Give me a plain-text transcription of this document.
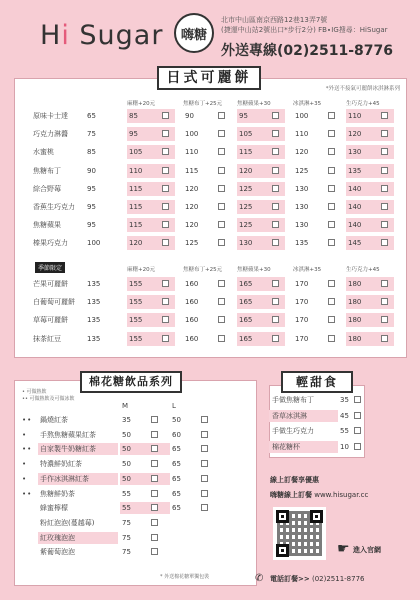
Hi Sugar	嗨糖
北市中山區南京西路12巷13弄7號
(捷運中山站2號出口*步行2分) FB∙IG搜尋：HiSugar
外送專線(02)2511-8776
*外送不接氣可麗餅冰淇淋系列
麻糬+20元	焦糖布丁+25元	焦糖蘋果+30	冰淇淋+35	生巧克力+45
原味卡士達	65	85	90	95	100	110
巧克力淋醬	75	95	100	105	110	120
水蜜桃	85	105	110	115	120	130
焦糖布丁	90	110	115	120	125	135
綜合野莓	95	115	120	125	130	140
香蕉生巧克力 95	115	120	125	130	140
焦糖蘋果	95	115	120	125	130	140
榛果巧克力	100	120	125	130	135	145
季節限定	麻糬+20元	焦糖布丁+25元	焦糖蘋果+30	冰淇淋+35	生巧克力+45
芒果可麗餅	135	155	160	165	170	180
白葡萄可麗餅 135	155	160	165	170	180
草莓可麗餅	135	155	160	165	170	180
抹茶紅豆	135	155	160	165	170	180
日式可麗餅
棉花糖飲品系列
• 可做熱飲
•• 可做熱飲及可做冰飲
M	L
•• 鍋燒紅茶	35	50
• 手熬焦糖蘋果紅茶	50	60
•• 自家製牛奶糖紅茶	50	65
• 特濃鮮奶紅茶	50	65
• 手作冰淇淋紅茶	50	65
•• 焦糖鮮奶茶	55	65
蜂蜜檸檬	55	65
粉紅泡泡(蔓越莓)	75
紅玫瑰泡泡	75
紫葡萄泡泡	75
* 外送棉花糖單獨包裝
輕甜食
手做焦糖布丁	35
香草冰淇淋	45
手做生巧克力	55
棉花糖杯	10
線上訂餐享優惠
嗨糖線上訂餐 www.hisugar.cc
☛ 進入官網
✆ 電話訂餐>> (02)2511-8776
